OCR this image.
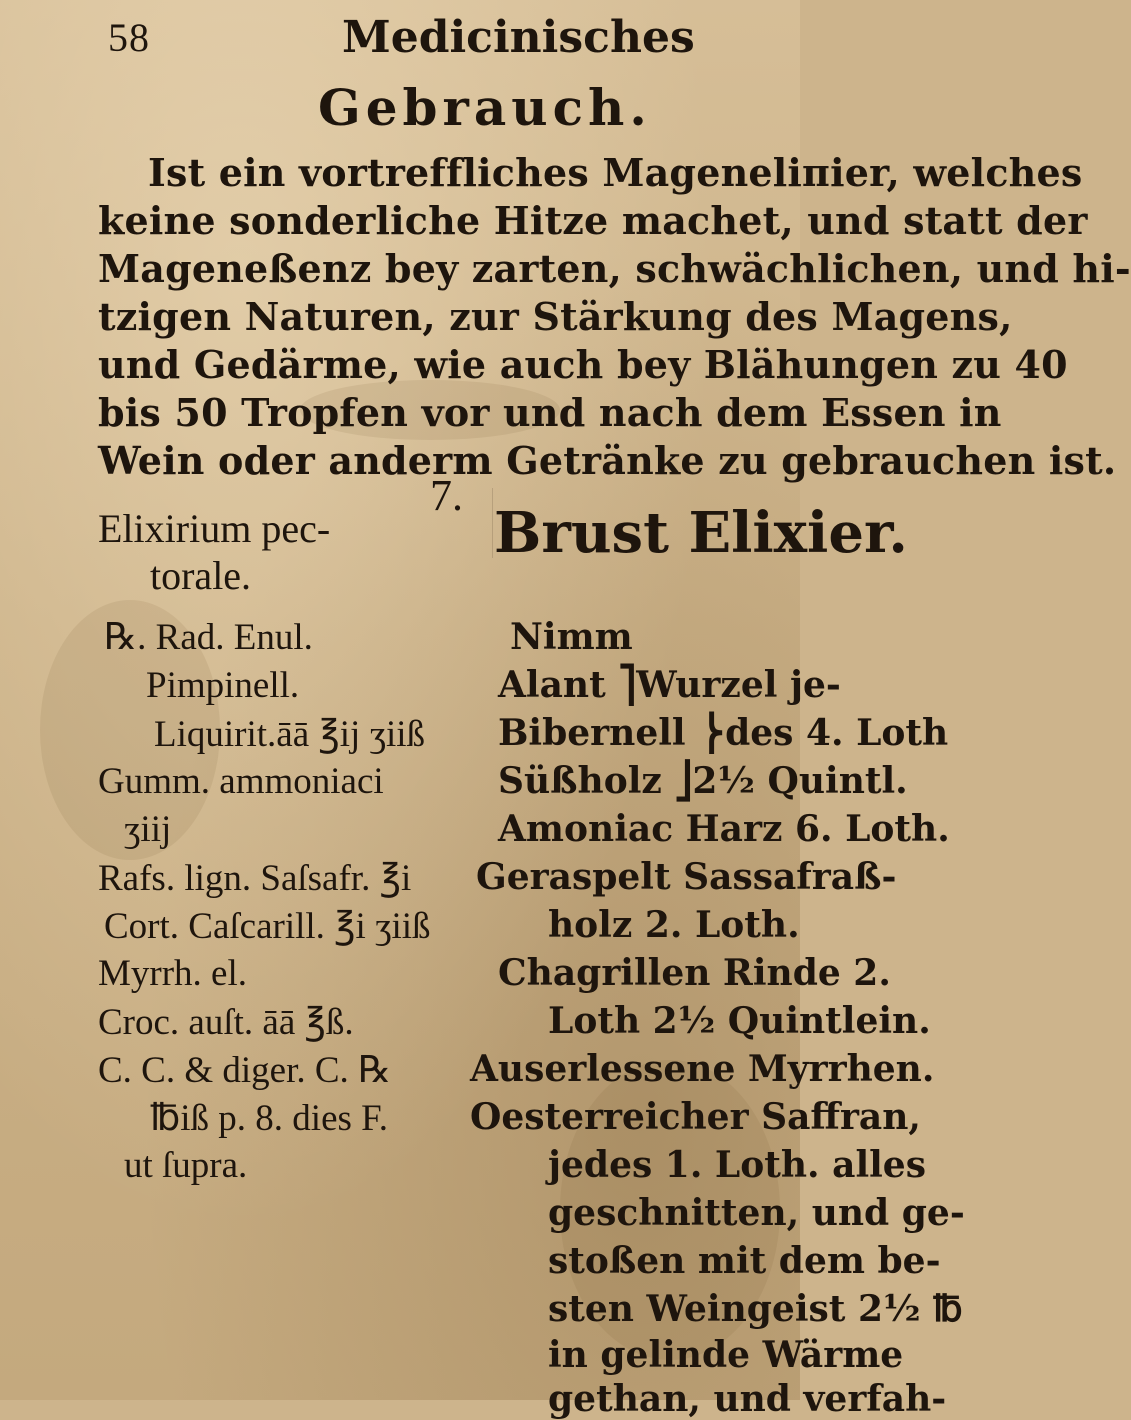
58	Medicinisches
Gebrauch.
Ist ein vortreffliches Mageneliпier, welches
keine sonderliche Hitze machet, und statt der
Mageneßenz bey zarten, schwächlichen, und hi-
tzigen Naturen, zur Stärkung des Magens,
und Gedärme, wie auch bey Blähungen zu 40
bis 50 Tropfen vor und nach dem Essen in
Wein oder anderm Getränke zu gebrauchen ist.
7.
Elixirium pec-
torale.
℞. Rad. Enul.
Pimpinell.
Liquirit.āā ℥ij ʒiiß
Gumm. ammoniaci
ʒiij
Rafs. lign. Saſsafr. ℥i
Cort. Caſcarill. ℥i ʒiiß
Myrrh. el.
Croc. auſt. āā ℥ß.
C. C. & diger. C. ℞
℔iß p. 8. dies F.
ut ſupra.
Brust Elixier.
Nimm
Alant ⎤Wurzel je-
Bibernell ⎬des 4. Loth
Süßholz ⎦2½ Quintl.
Amoniac Harz 6. Loth.
Geraspelt Sassafraß-
holz 2. Loth.
Chagrillen Rinde 2.
Loth 2½ Quintlein.
Auserlessene Myrrhen.
Oesterreicher Saffran,
jedes 1. Loth. alles
geschnitten, und ge-
stoßen mit dem be-
sten Weingeist 2½ ℔
in gelinde Wärme
gethan, und verfah-
